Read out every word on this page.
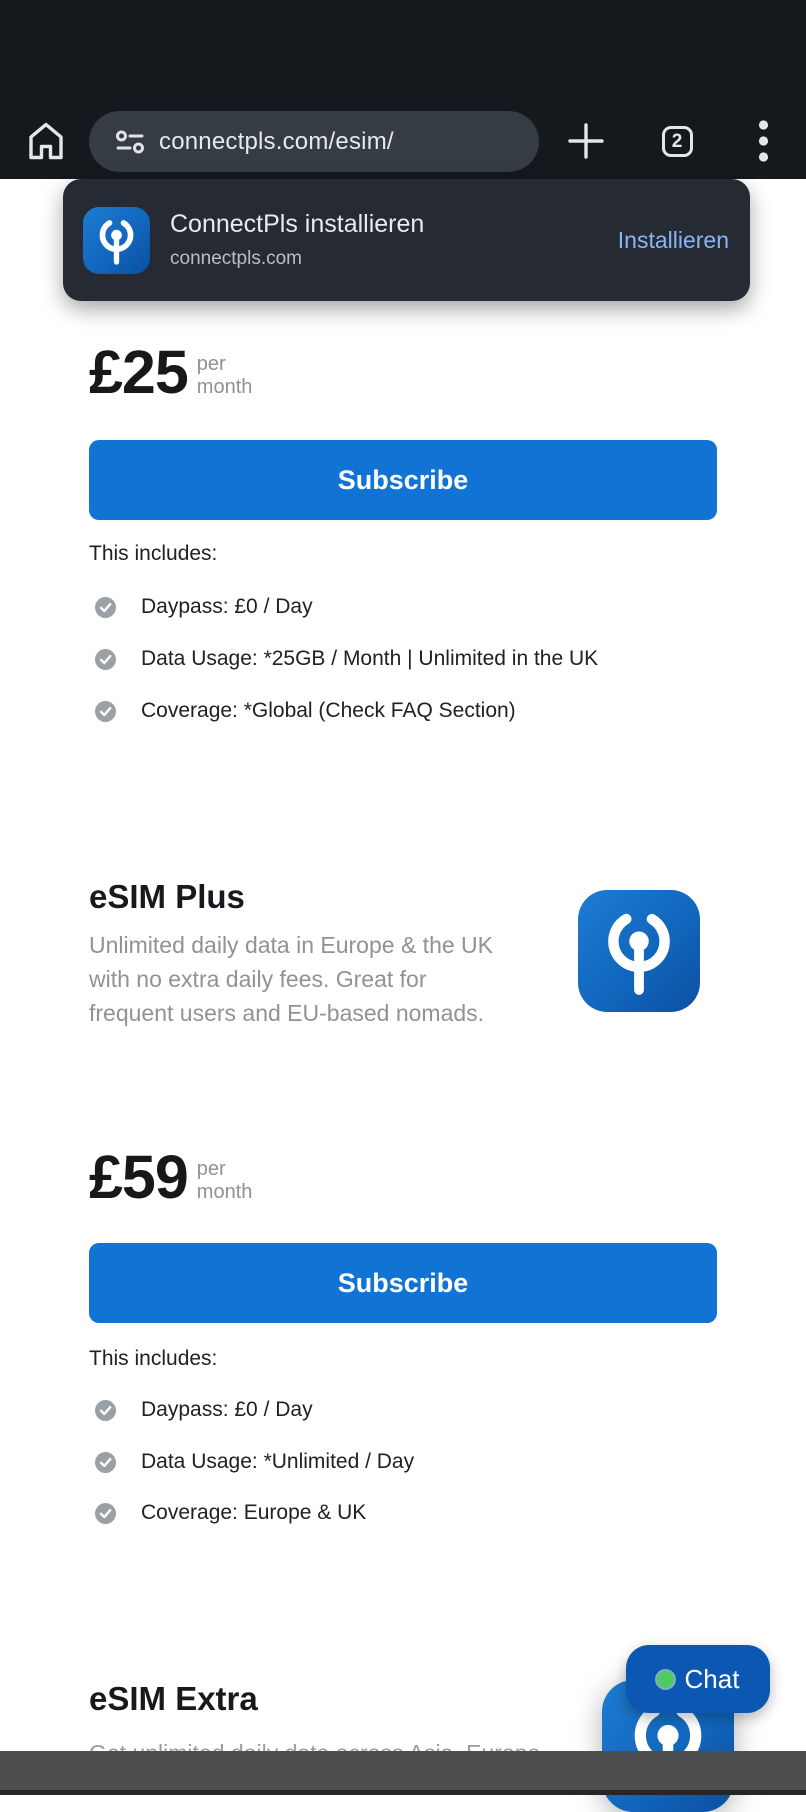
connectpls.com/esim/	2
ConnectPls installieren
connectpls.com
Installieren
£25 per
month
Subscribe
This includes:
Daypass: £0 / Day
Data Usage: *25GB / Month | Unlimited in the UK
Coverage: *Global (Check FAQ Section)
eSIM Plus
Unlimited daily data in Europe & the UK
with no extra daily fees. Great for
frequent users and EU-based nomads.
£59 per
month
Subscribe
This includes:
Daypass: £0 / Day
Data Usage: *Unlimited / Day
Coverage: Europe & UK
eSIM Extra
Chat
